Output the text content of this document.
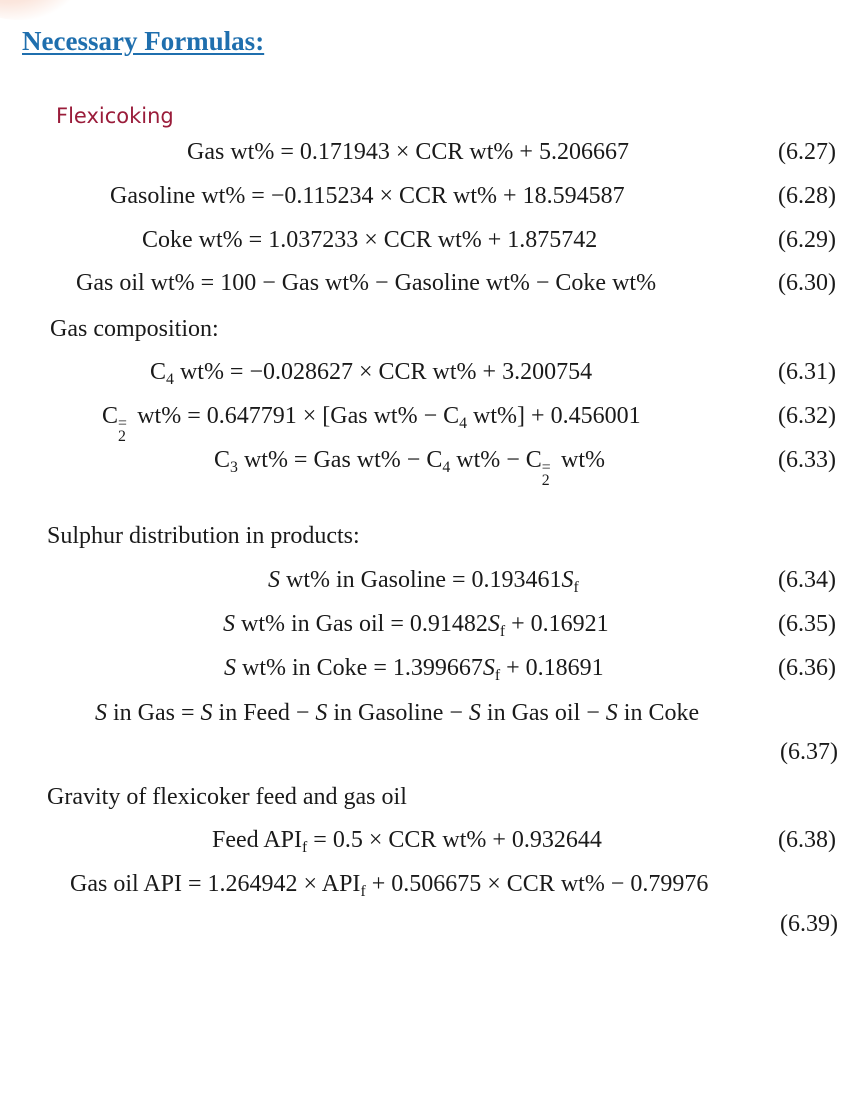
Necessary Formulas:
Flexicoking
Gas wt% = 0.171943 × CCR wt% + 5.206667	(6.27)
Gasoline wt% = −0.115234 × CCR wt% + 18.594587	(6.28)
Coke wt% = 1.037233 × CCR wt% + 1.875742	(6.29)
Gas oil wt% = 100 − Gas wt% − Gasoline wt% − Coke wt%	(6.30)
Gas composition:
$C_4$ wt% = −0.028627 × CCR wt% + 3.200754	(6.31)
C =
2
wt% = 0.647791 × [Gas $wt\% - C_4$ wt%] + 0.456001	(6.32)
$C_3$ wt% = Gas $wt\% - C_4$ wt% − C =
2
wt%	(6.33)
Sulphur distribution in products:
S wt% in Gasoline = $0.193461S_f$	(6.34)
S wt% in Gas oil = $0.91482S_f + 0.16921$	(6.35)
S wt% in Coke = $1.399667S_f + 0.18691$	(6.36)
S in Gas = S in Feed − S in Gasoline − S in Gas oil − S in Coke
(6.37)
Gravity of flexicoker feed and gas oil
Feed $API_f = 0.5$ × CCR wt% + 0.932644	(6.38)
Gas oil API = $1.264942 \times API_f + 0.506675$ × CCR wt% − 0.79976
(6.39)
